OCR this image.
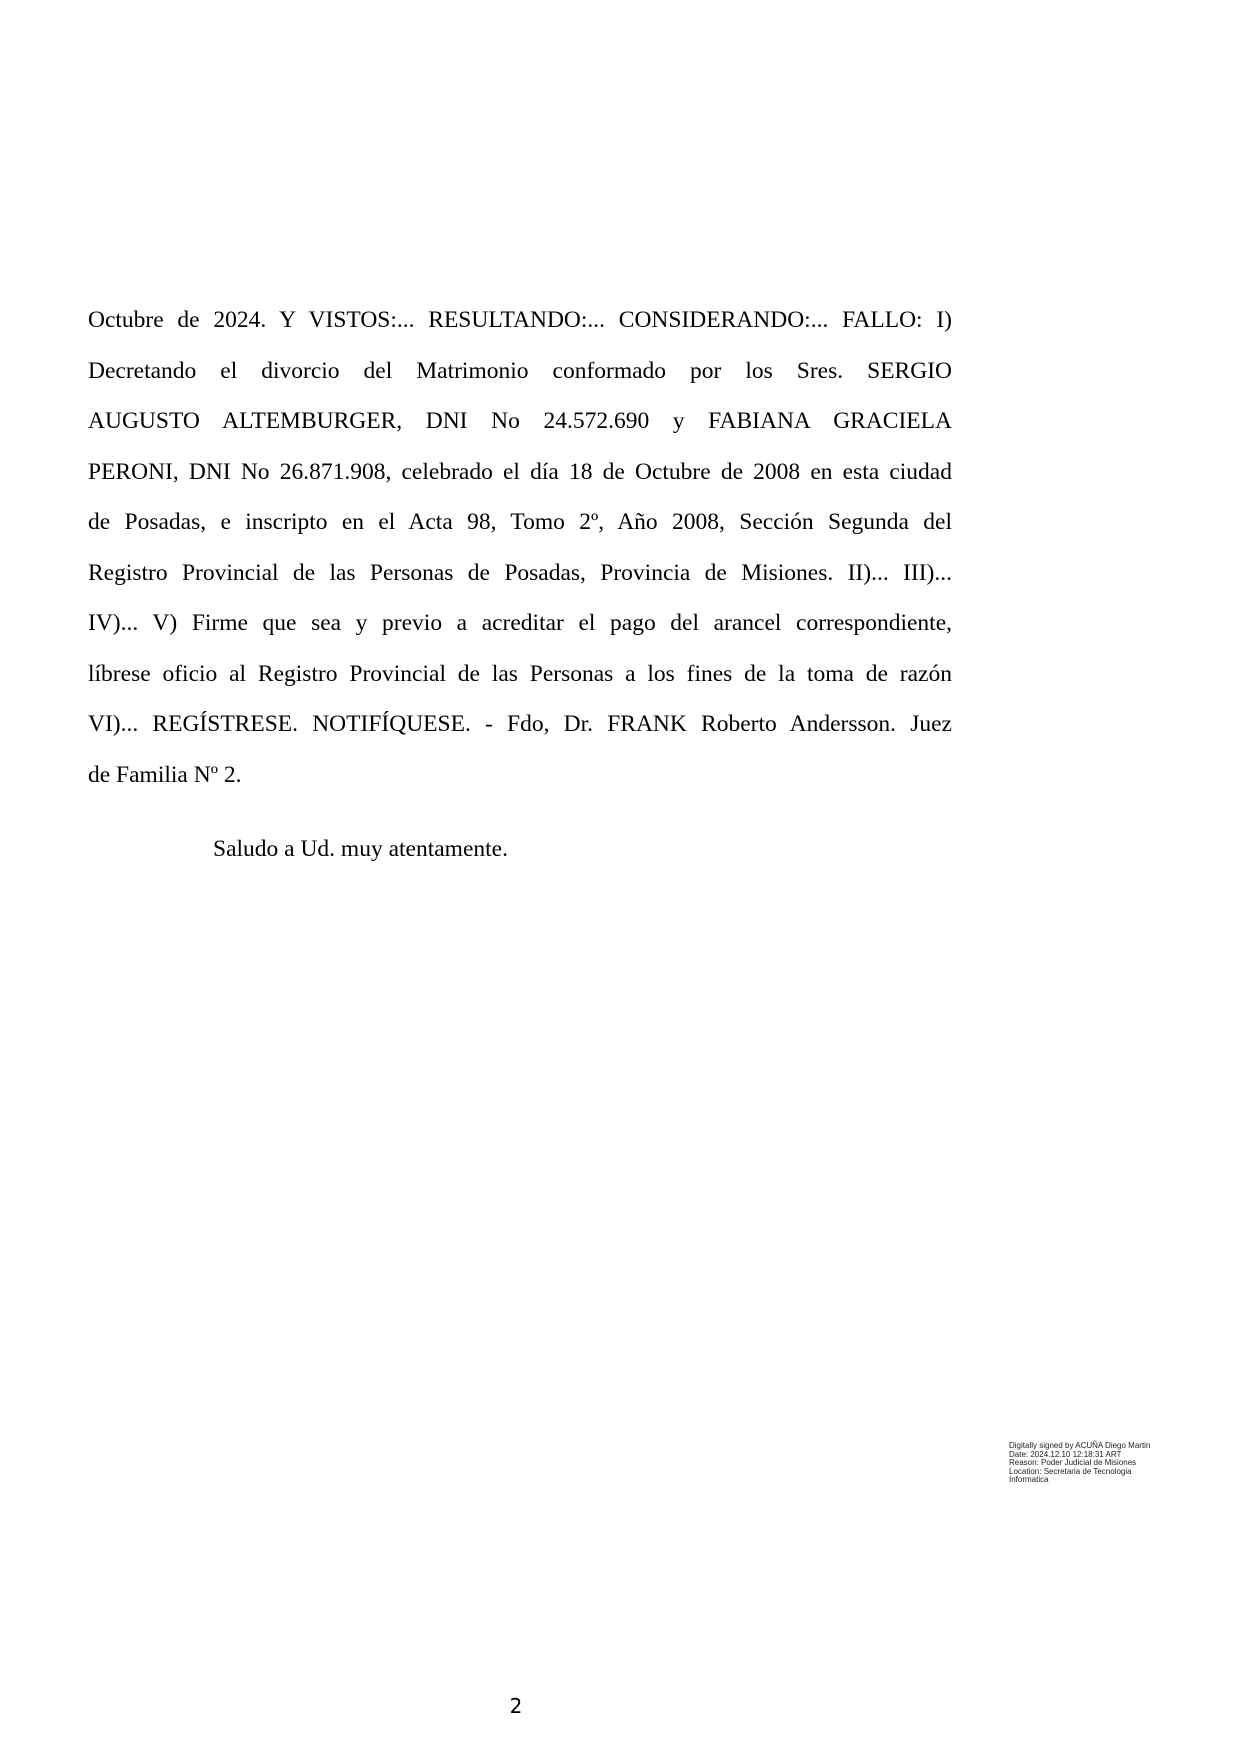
Octubre de 2024. Y VISTOS:... RESULTANDO:... CONSIDERANDO:... FALLO: I)
Decretando el divorcio del Matrimonio conformado por los Sres. SERGIO
AUGUSTO ALTEMBURGER, DNI No 24.572.690 y FABIANA GRACIELA
PERONI, DNI No 26.871.908, celebrado el día 18 de Octubre de 2008 en esta ciudad
de Posadas, e inscripto en el Acta 98, Tomo 2º, Año 2008, Sección Segunda del
Registro Provincial de las Personas de Posadas, Provincia de Misiones. II)... III)...
IV)... V) Firme que sea y previo a acreditar el pago del arancel correspondiente,
líbrese oficio al Registro Provincial de las Personas a los fines de la toma de razón
VI)... REGÍSTRESE. NOTIFÍQUESE. - Fdo, Dr. FRANK Roberto Andersson. Juez
de Familia Nº 2.
Saludo a Ud. muy atentamente.
Digitally signed by ACUÑA Diego Martin
Date: 2024.12.10 12:18:31 ART
Reason: Poder Judicial de Misiones
Location: Secretaria de Tecnologia
Informatica
2
